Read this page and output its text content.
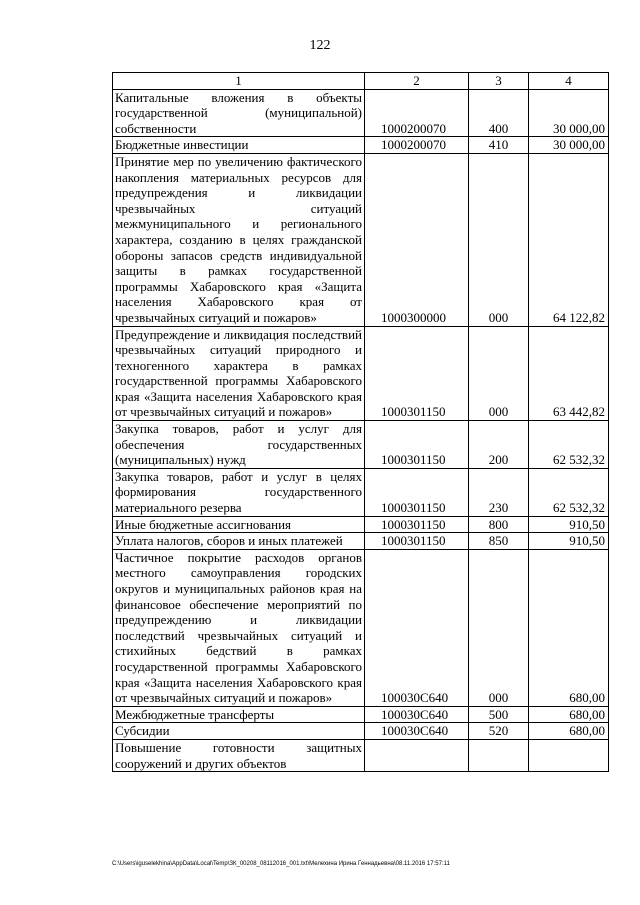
122
1	2	3	4
Капитальные вложения в объекты государственной (муниципальной) собственности	1000200070	400	30 000,00
Бюджетные инвестиции	1000200070	410	30 000,00
Принятие мер по увеличению фактического накопления материальных ресурсов для предупреждения и ликвидации чрезвычайных ситуаций межмуниципального и регионального характера, созданию в целях гражданской обороны запасов средств индивидуальной защиты в рамках государственной программы Хабаровского края «Защита населения Хабаровского края от чрезвычайных ситуаций и пожаров»	1000300000	000	64 122,82
Предупреждение и ликвидация последствий чрезвычайных ситуаций природного и техногенного характера в рамках государственной программы Хабаровского края «Защита населения Хабаровского края от чрезвычайных ситуаций и пожаров»	1000301150	000	63 442,82
Закупка товаров, работ и услуг для обеспечения государственных (муниципальных) нужд	1000301150	200	62 532,32
Закупка товаров, работ и услуг в целях формирования государственного материального резерва	1000301150	230	62 532,32
Иные бюджетные ассигнования	1000301150	800	910,50
Уплата налогов, сборов и иных платежей	1000301150	850	910,50
Частичное покрытие расходов органов местного самоуправления городских округов и муниципальных районов края на финансовое обеспечение мероприятий по предупреждению и ликвидации последствий чрезвычайных ситуаций и стихийных бедствий в рамках государственной программы Хабаровского края «Защита населения Хабаровского края от чрезвычайных ситуаций и пожаров»	100030С640	000	680,00
Межбюджетные трансферты	100030С640	500	680,00
Субсидии	100030С640	520	680,00
Повышение готовности защитных сооружений и других объектов			
C:\Users\iguselekhina\AppData\Local\Temp\ЗК_00208_08112016_001.txt\Мелехина Ирина Геннадьевна\08.11.2016 17:57:11
